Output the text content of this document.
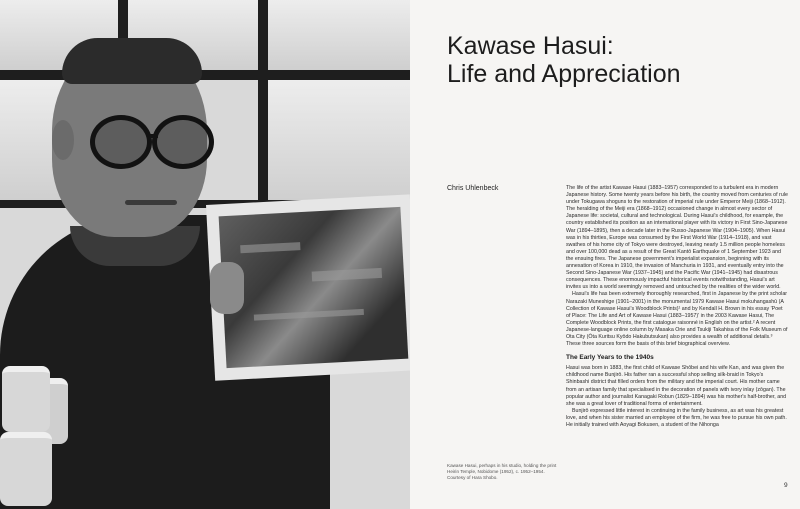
Kawase Hasui:
Life and Appreciation
Chris Uhlenbeck	The life of the artist Kawase Hasui (1883–1957) corresponded to a turbulent era in modern Japanese history. Some twenty years before his birth, the country moved from centuries of rule under Tokugawa shoguns to the restoration of imperial rule under Emperor Meiji (1868–1912). The heralding of the Meiji era (1868–1912) occasioned change in almost every sector of Japanese life: societal, cultural and technological. During Hasui's childhood, for example, the country established its position as an international player with its victory in First Sino-Japanese War (1894–1895), then a decade later in the Russo-Japanese War (1904–1905). When Hasui was in his thirties, Europe was consumed by the First World War (1914–1918), and vast swathes of his home city of Tokyo were destroyed, leaving nearly 1.5 million people homeless and over 100,000 dead as a result of the Great Kantō Earthquake of 1 September 1923 and the ensuing fires. The Japanese government's imperialist expansion, beginning with its annexation of Korea in 1910, the invasion of Manchuria in 1931, and eventually entry into the Second Sino-Japanese War (1937–1945) and the Pacific War (1941–1945) had disastrous consequences. These enormously impactful historical events notwithstanding, Hasui's art invites us into a world seemingly removed and untouched by the realities of the wider world.

Hasui's life has been extremely thoroughly researched, first in Japanese by the print scholar Narazaki Muneshige (1901–2001) in the monumental 1979 Kawase Hasui mokuhangashū (A Collection of Kawase Hasui's Woodblock Prints)¹ and by Kendall H. Brown in his essay 'Poet of Place: The Life and Art of Kawase Hasui (1883–1957)' in the 2003 Kawase Hasui, The Complete Woodblock Prints, the first catalogue raisonné in English on the artist.² A recent Japanese-language online column by Masaka Orie and Tsukiji Takahisa of the Folk Museum of Ota City (Ōta Kuritsu Kyōdo Hakubutsukan) also provides a wealth of additional details.³ These three sources form the basis of this brief biographical overview.

The Early Years to the 1940s

Hasui was born in 1883, the first child of Kawase Shōbei and his wife Kan, and was given the childhood name Bunjirō. His father ran a successful shop selling silk-braid in Tokyo's Shinbashi district that filled orders from the military and the imperial court. His mother came from an artisan family that specialised in the decoration of panels with ivory inlay (zōgan). The popular author and journalist Kanagaki Robun (1829–1894) was his mother's half-brother, and she was a great lover of traditional forms of entertainment.

Bunjirō expressed little interest in continuing in the family business, as art was his greatest love, and when his sister married an employee of the firm, he was free to pursue his own path. He initially trained with Aoyagi Bokusen, a student of the Nihonga

Kawase Hasui, perhaps in his studio, holding the print Heirin Temple, Nobidome (1952), c. 1952–1954. Courtesy of Hara Shobo.
9
